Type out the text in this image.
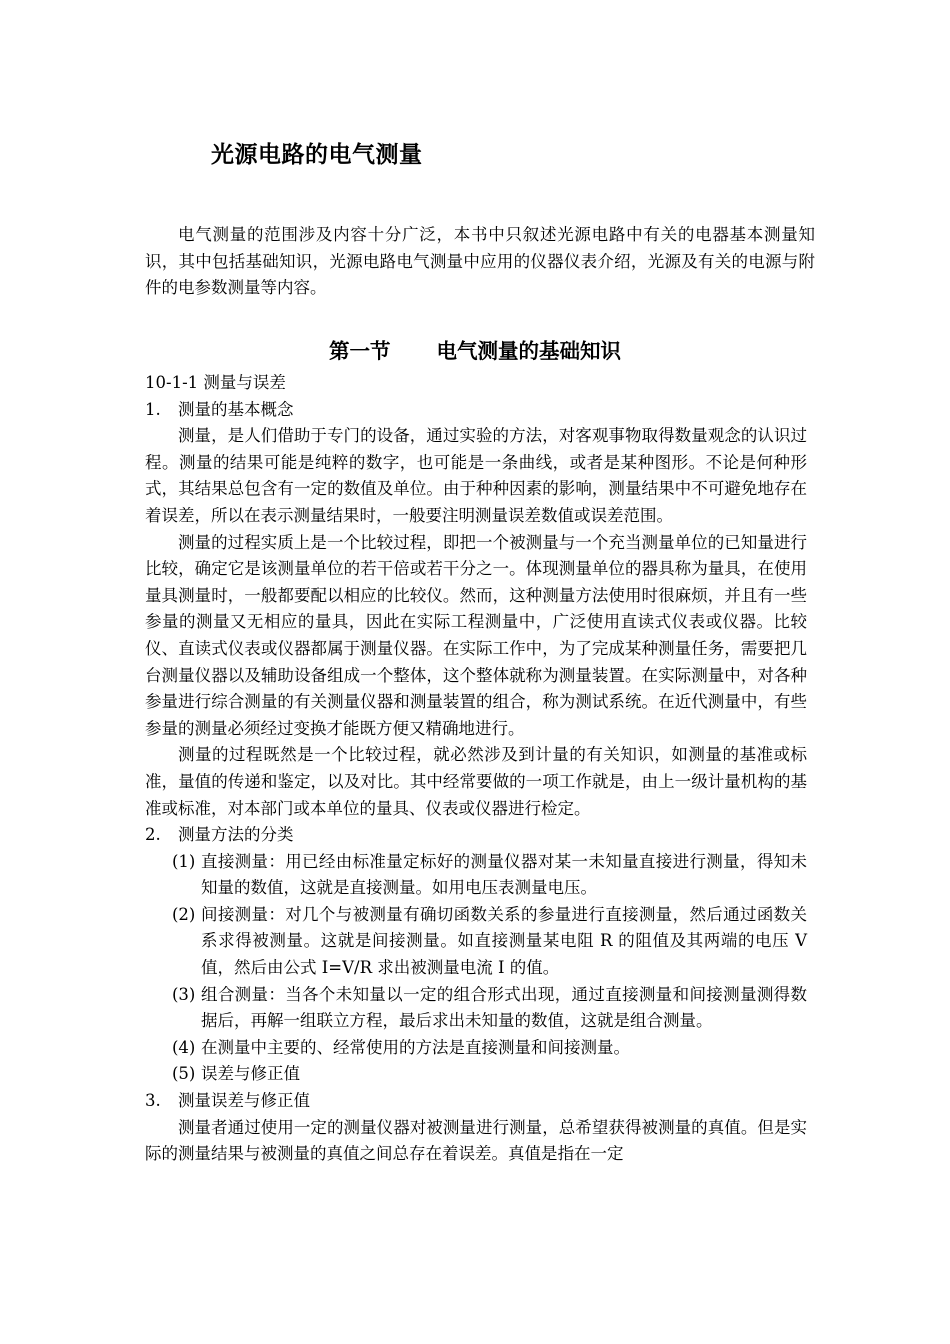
光源电路的电气测量

电气测量的范围涉及内容十分广泛，本书中只叙述光源电路中有关的电器基本测量知识，其中包括基础知识，光源电路电气测量中应用的仪器仪表介绍，光源及有关的电源与附件的电参数测量等内容。

第一节 电气测量的基础知识

10-1-1 测量与误差

1. 测量的基本概念

测量，是人们借助于专门的设备，通过实验的方法，对客观事物取得数量观念的认识过程。测量的结果可能是纯粹的数字，也可能是一条曲线，或者是某种图形。不论是何种形式，其结果总包含有一定的数值及单位。由于种种因素的影响，测量结果中不可避免地存在着误差，所以在表示测量结果时，一般要注明测量误差数值或误差范围。

测量的过程实质上是一个比较过程，即把一个被测量与一个充当测量单位的已知量进行比较，确定它是该测量单位的若干倍或若干分之一。体现测量单位的器具称为量具，在使用量具测量时，一般都要配以相应的比较仪。然而，这种测量方法使用时很麻烦，并且有一些参量的测量又无相应的量具，因此在实际工程测量中，广泛使用直读式仪表或仪器。比较仪、直读式仪表或仪器都属于测量仪器。在实际工作中，为了完成某种测量任务，需要把几台测量仪器以及辅助设备组成一个整体，这个整体就称为测量装置。在实际测量中，对各种参量进行综合测量的有关测量仪器和测量装置的组合，称为测试系统。在近代测量中，有些参量的测量必须经过变换才能既方便又精确地进行。

测量的过程既然是一个比较过程，就必然涉及到计量的有关知识，如测量的基准或标准，量值的传递和鉴定，以及对比。其中经常要做的一项工作就是，由上一级计量机构的基准或标准，对本部门或本单位的量具、仪表或仪器进行检定。

2. 测量方法的分类

(1) 直接测量：用已经由标准量定标好的测量仪器对某一未知量直接进行测量，得知未知量的数值，这就是直接测量。如用电压表测量电压。
(2) 间接测量：对几个与被测量有确切函数关系的参量进行直接测量，然后通过函数关系求得被测量。这就是间接测量。如直接测量某电阻 R 的阻值及其两端的电压 V 值，然后由公式 I=V/R 求出被测量电流 I 的值。
(3) 组合测量：当各个未知量以一定的组合形式出现，通过直接测量和间接测量测得数据后，再解一组联立方程，最后求出未知量的数值，这就是组合测量。
(4) 在测量中主要的、经常使用的方法是直接测量和间接测量。
(5) 误差与修正值

3. 测量误差与修正值

测量者通过使用一定的测量仪器对被测量进行测量，总希望获得被测量的真值。但是实际的测量结果与被测量的真值之间总存在着误差。真值是指在一定
